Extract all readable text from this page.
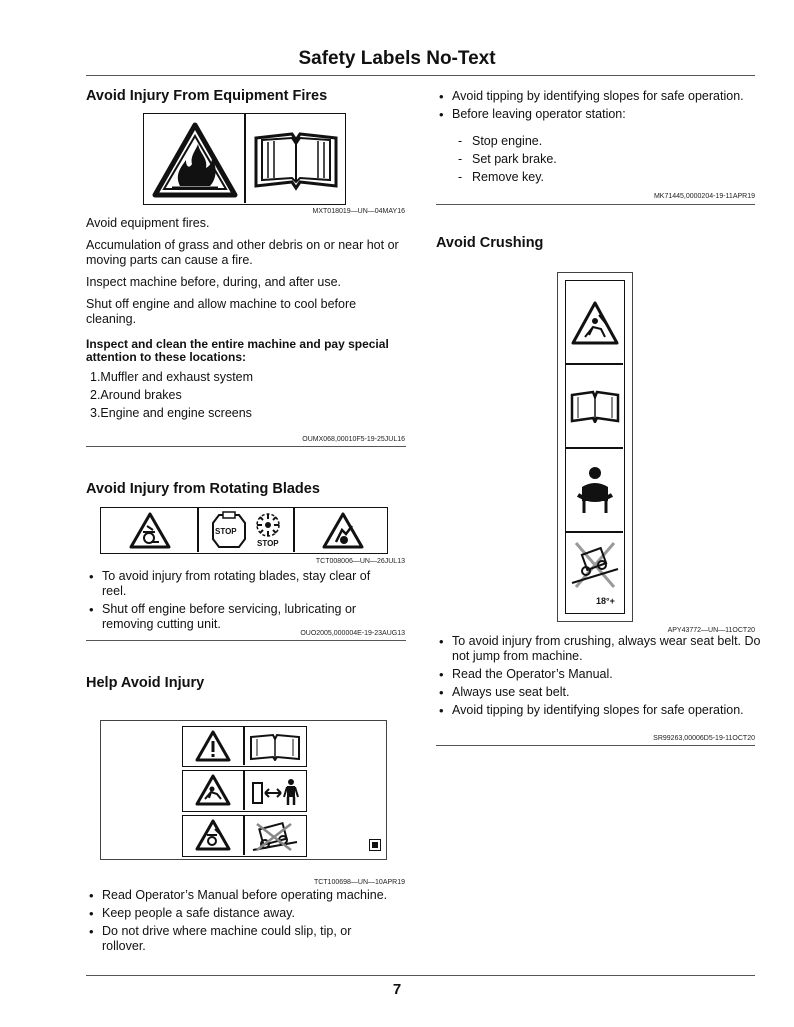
Safety Labels No-Text
Avoid Injury From Equipment Fires
MXT018019—UN—04MAY16
Avoid equipment fires.
Accumulation of grass and other debris on or near hot or moving parts can cause a fire.
Inspect machine before, during, and after use.
Shut off engine and allow machine to cool before cleaning.
Inspect and clean the entire machine and pay special attention to these locations:
1.Muffler and exhaust system
2.Around brakes
3.Engine and engine screens
OUMX068,00010F5-19-25JUL16
Avoid Injury from Rotating Blades
STOP
STOP
TCT008006—UN—26JUL13
• To avoid injury from rotating blades, stay clear of reel.
• Shut off engine before servicing, lubricating or removing cutting unit.
OUO2005,000004E-19-23AUG13
Help Avoid Injury
TCT100698—UN—10APR19
• Read Operator’s Manual before operating machine.
• Keep people a safe distance away.
• Do not drive where machine could slip, tip, or rollover.
• Avoid tipping by identifying slopes for safe operation.
• Before leaving operator station:
- Stop engine.
- Set park brake.
- Remove key.
MK71445,0000204-19-11APR19
Avoid Crushing
18°+
APY43772—UN—11OCT20
• To avoid injury from crushing, always wear seat belt. Do not jump from machine.
• Read the Operator’s Manual.
• Always use seat belt.
• Avoid tipping by identifying slopes for safe operation.
SR99263,00006D5-19-11OCT20
7
